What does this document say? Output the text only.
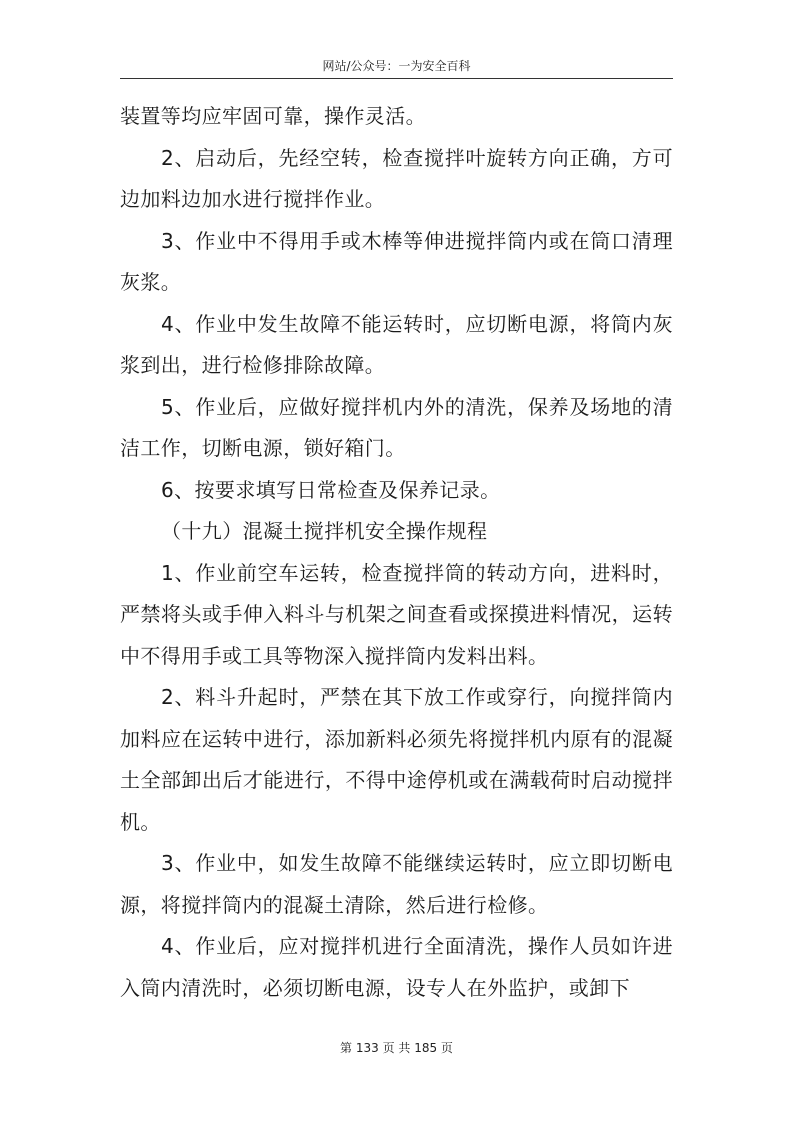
网站/公众号：一为安全百科

装置等均应牢固可靠，操作灵活。

2、启动后，先经空转，检查搅拌叶旋转方向正确，方可边加料边加水进行搅拌作业。

3、作业中不得用手或木棒等伸进搅拌筒内或在筒口清理灰浆。

4、作业中发生故障不能运转时，应切断电源，将筒内灰浆到出，进行检修排除故障。

5、作业后，应做好搅拌机内外的清洗，保养及场地的清洁工作，切断电源，锁好箱门。

6、按要求填写日常检查及保养记录。

（十九）混凝土搅拌机安全操作规程

1、作业前空车运转，检查搅拌筒的转动方向，进料时，严禁将头或手伸入料斗与机架之间查看或探摸进料情况，运转中不得用手或工具等物深入搅拌筒内发料出料。

2、料斗升起时，严禁在其下放工作或穿行，向搅拌筒内加料应在运转中进行，添加新料必须先将搅拌机内原有的混凝土全部卸出后才能进行，不得中途停机或在满载荷时启动搅拌机。

3、作业中，如发生故障不能继续运转时，应立即切断电源，将搅拌筒内的混凝土清除，然后进行检修。

4、作业后，应对搅拌机进行全面清洗，操作人员如许进入筒内清洗时，必须切断电源，设专人在外监护，或卸下

第 133 页 共 185 页
